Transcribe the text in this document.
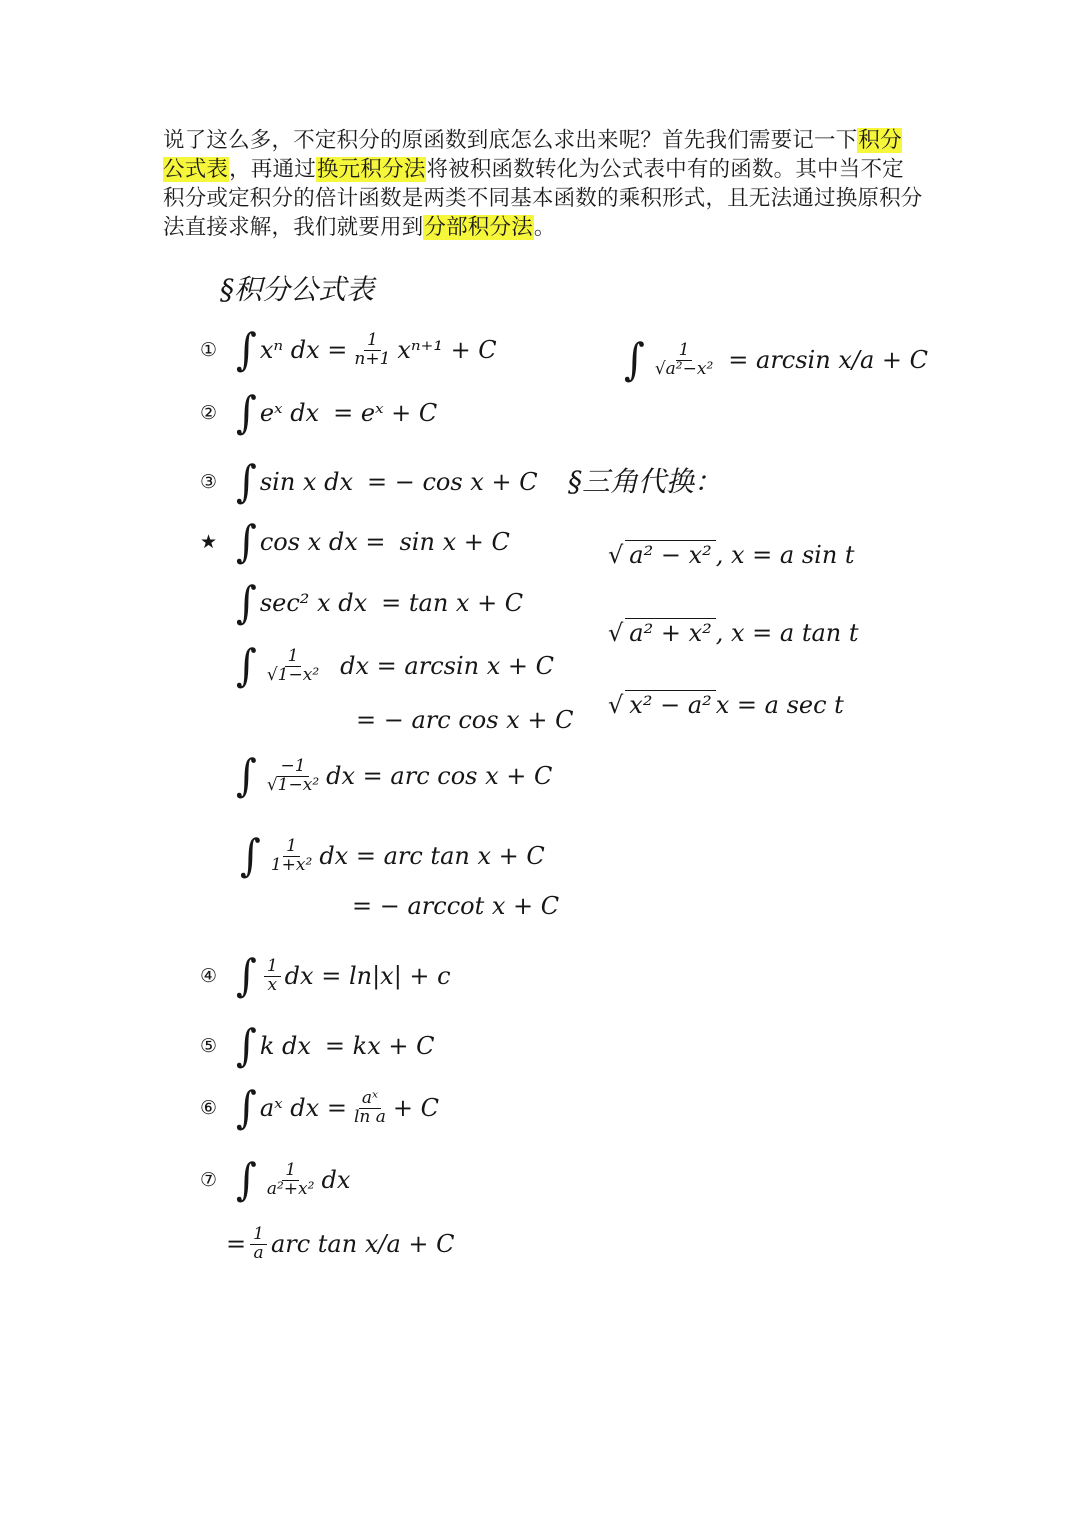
说了这么多，不定积分的原函数到底怎么求出来呢？首先我们需要记一下积分公式表，再通过换元积分法将被积函数转化为公式表中有的函数。其中当不定积分或定积分的倍计函数是两类不同基本函数的乘积形式，且无法通过换原积分法直接求解，我们就要用到分部积分法。
§积分公式表
① ∫ xⁿ dx = $\frac{1}{n+1} x^{n+1} + C$
② ∫ eˣ dx = eˣ + C
③ ∫ sin x dx = − cos x + C
★ ∫ cos x dx = sin x + C
∫ sec² x dx = tan x + C
∫ $\frac{1}{\text{√1−x²}}$ dx = arcsin x + C
= − arc cos x + C
∫ $\frac{-1}{\text{√1−x²}}$ dx = arc cos x + C
∫ $\frac{1}{\text{1+x²}}$ dx = arc tan x + C
= − arccot x + C
④ ∫ $\frac{1}{x}$ dx = ln|x| + c
⑤ ∫ k dx = kx + C
⑥ ∫ aˣ dx = $\frac{\text{aˣ}}{\text{ln a}} + C$
⑦ ∫ $\frac{1}{\text{a²+x²}}$ dx
= $\frac{1}{a}$ arc tan x/a + C
∫ $\frac{1}{\text{√a²−x²}} = \arcsin x/a + C$
§三角代换：
√ a² − x² , x = a sin t
√ a² + x² , x = a tan t
√ x² − a² x = a sec t
